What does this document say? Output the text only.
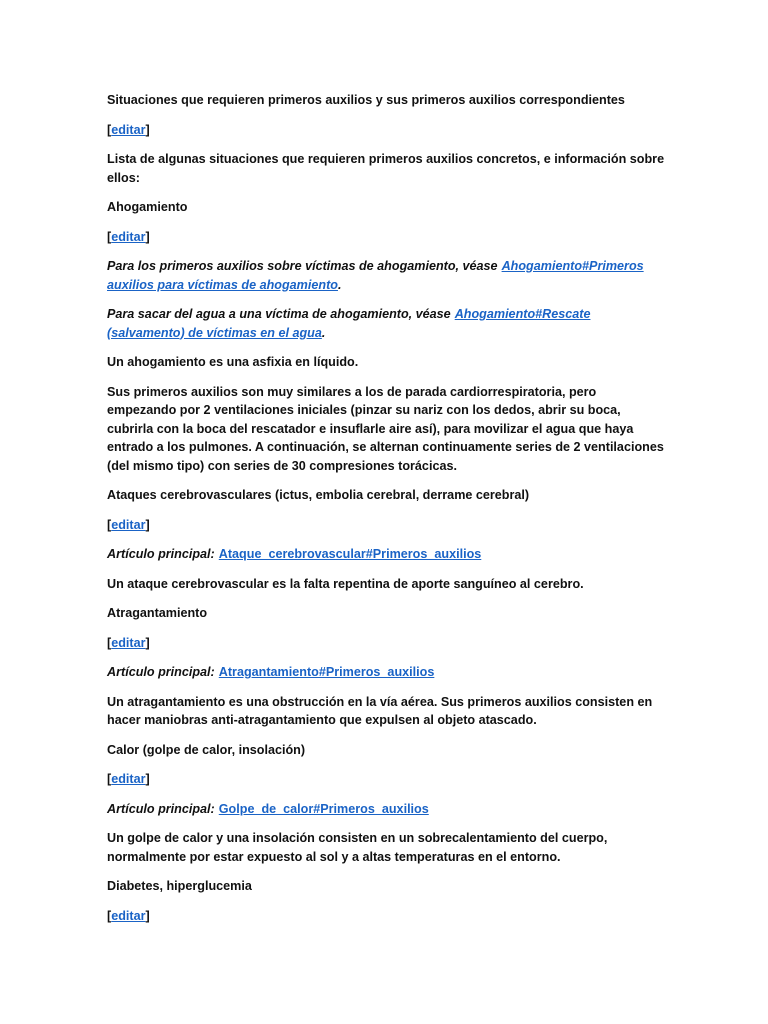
Situaciones que requieren primeros auxilios y sus primeros auxilios correspondientes

[editar]

Lista de algunas situaciones que requieren primeros auxilios concretos, e información sobre ellos:

Ahogamiento

[editar]

Para los primeros auxilios sobre víctimas de ahogamiento, véase Ahogamiento#Primeros auxilios para víctimas de ahogamiento.

Para sacar del agua a una víctima de ahogamiento, véase Ahogamiento#Rescate (salvamento) de víctimas en el agua.

Un ahogamiento es una asfixia en líquido.

Sus primeros auxilios son muy similares a los de parada cardiorrespiratoria, pero empezando por 2 ventilaciones iniciales (pinzar su nariz con los dedos, abrir su boca, cubrirla con la boca del rescatador e insuflarle aire así), para movilizar el agua que haya entrado a los pulmones. A continuación, se alternan continuamente series de 2 ventilaciones (del mismo tipo) con series de 30 compresiones torácicas.

Ataques cerebrovasculares (ictus, embolia cerebral, derrame cerebral)

[editar]

Artículo principal: Ataque_cerebrovascular#Primeros_auxilios

Un ataque cerebrovascular es la falta repentina de aporte sanguíneo al cerebro.

Atragantamiento

[editar]

Artículo principal: Atragantamiento#Primeros_auxilios

Un atragantamiento es una obstrucción en la vía aérea. Sus primeros auxilios consisten en hacer maniobras anti-atragantamiento que expulsen al objeto atascado.

Calor (golpe de calor, insolación)

[editar]

Artículo principal: Golpe_de_calor#Primeros_auxilios

Un golpe de calor y una insolación consisten en un sobrecalentamiento del cuerpo, normalmente por estar expuesto al sol y a altas temperaturas en el entorno.

Diabetes, hiperglucemia

[editar]
